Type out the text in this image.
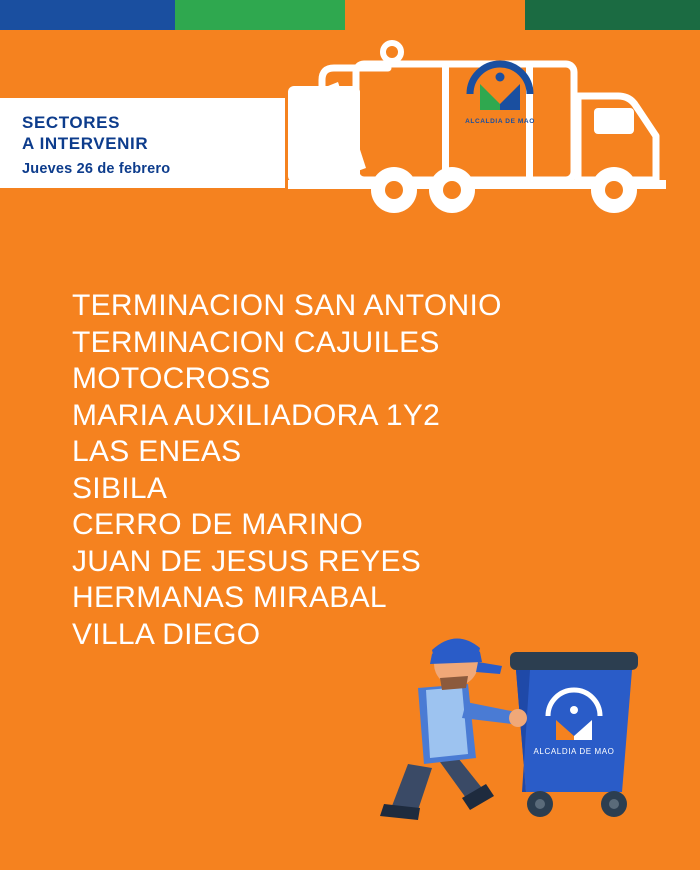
ALCALDIA DE MAO
SECTORES
A INTERVENIR
Jueves 26 de febrero
TERMINACION SAN ANTONIO
TERMINACION CAJUILES
MOTOCROSS
MARIA AUXILIADORA 1Y2
LAS ENEAS
SIBILA
CERRO DE MARINO
JUAN DE JESUS REYES
HERMANAS MIRABAL
VILLA DIEGO
ALCALDIA DE MAO
